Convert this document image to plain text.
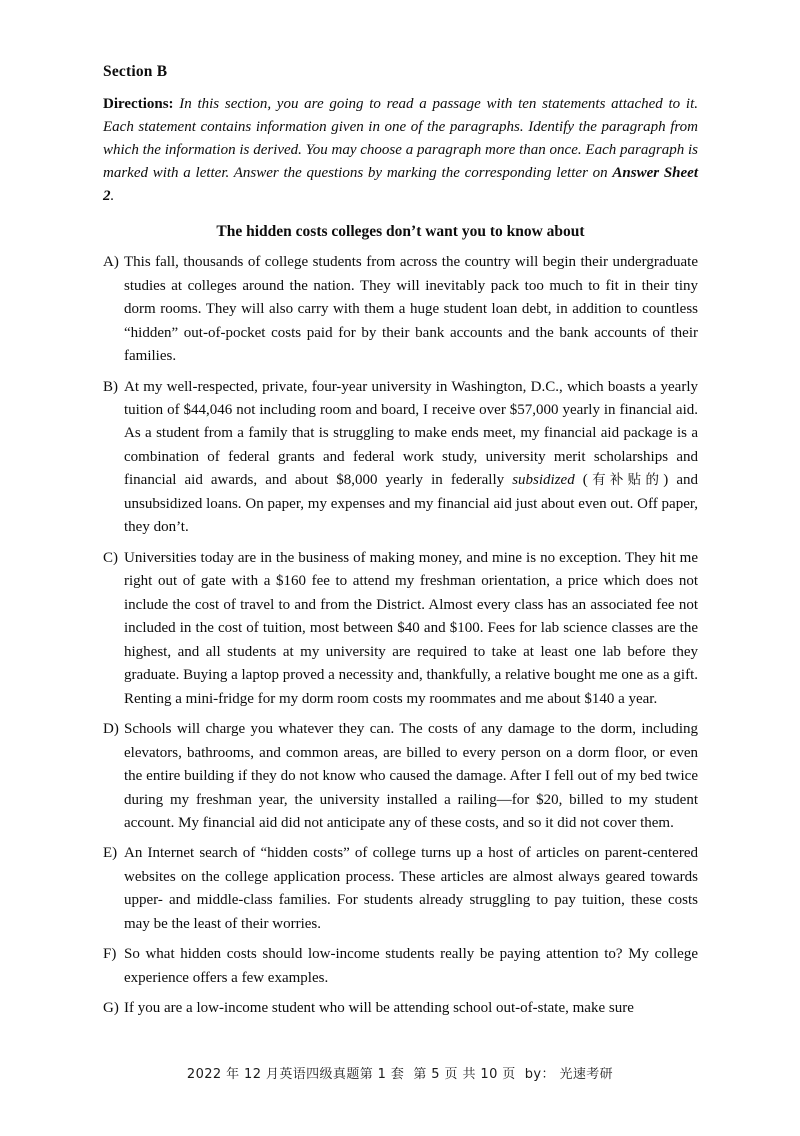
Section B

Directions: In this section, you are going to read a passage with ten statements attached to it. Each statement contains information given in one of the paragraphs. Identify the paragraph from which the information is derived. You may choose a paragraph more than once. Each paragraph is marked with a letter. Answer the questions by marking the corresponding letter on Answer Sheet 2.

The hidden costs colleges don’t want you to know about
A) This fall, thousands of college students from across the country will begin their undergraduate studies at colleges around the nation. They will inevitably pack too much to fit in their tiny dorm rooms. They will also carry with them a huge student loan debt, in addition to countless “hidden” out-of-pocket costs paid for by their bank accounts and the bank accounts of their families.
B) At my well-respected, private, four-year university in Washington, D.C., which boasts a yearly tuition of $44,046 not including room and board, I receive over $57,000 yearly in financial aid. As a student from a family that is struggling to make ends meet, my financial aid package is a combination of federal grants and federal work study, university merit scholarships and financial aid awards, and about $8,000 yearly in federally subsidized (有补贴的) and unsubsidized loans. On paper, my expenses and my financial aid just about even out. Off paper, they don’t.
C) Universities today are in the business of making money, and mine is no exception. They hit me right out of gate with a $160 fee to attend my freshman orientation, a price which does not include the cost of travel to and from the District. Almost every class has an associated fee not included in the cost of tuition, most between $40 and $100. Fees for lab science classes are the highest, and all students at my university are required to take at least one lab before they graduate. Buying a laptop proved a necessity and, thankfully, a relative bought me one as a gift. Renting a mini-fridge for my dorm room costs my roommates and me about $140 a year.
D) Schools will charge you whatever they can. The costs of any damage to the dorm, including elevators, bathrooms, and common areas, are billed to every person on a dorm floor, or even the entire building if they do not know who caused the damage. After I fell out of my bed twice during my freshman year, the university installed a railing—for $20, billed to my student account. My financial aid did not anticipate any of these costs, and so it did not cover them.
E) An Internet search of “hidden costs” of college turns up a host of articles on parent-centered websites on the college application process. These articles are almost always geared towards upper- and middle-class families. For students already struggling to pay tuition, these costs may be the least of their worries.
F) So what hidden costs should low-income students really be paying attention to? My college experience offers a few examples.
G) If you are a low-income student who will be attending school out-of-state, make sure
2022 年 12 月英语四级真题第 1 套 第 5 页 共 10 页 by： 光速考研
